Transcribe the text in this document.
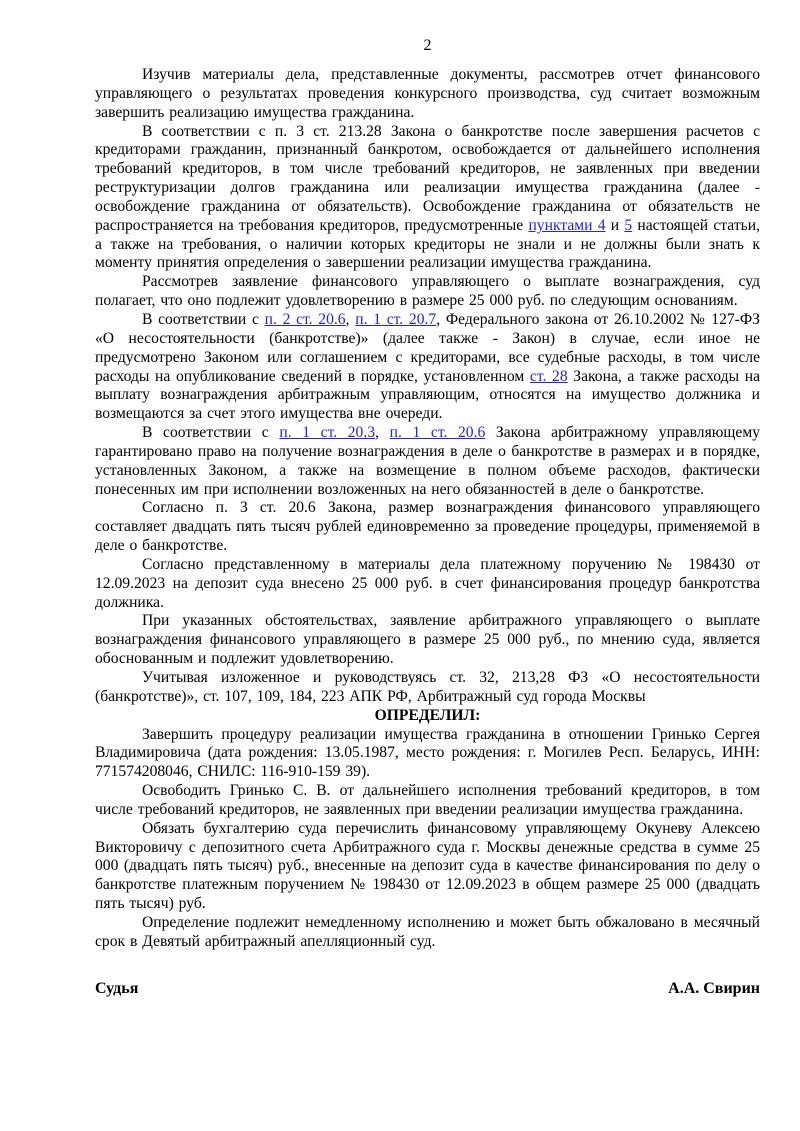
2

Изучив материалы дела, представленные документы, рассмотрев отчет финансового управляющего о результатах проведения конкурсного производства, суд считает возможным завершить реализацию имущества гражданина.

В соответствии с п. 3 ст. 213.28 Закона о банкротстве после завершения расчетов с кредиторами гражданин, признанный банкротом, освобождается от дальнейшего исполнения требований кредиторов, в том числе требований кредиторов, не заявленных при введении реструктуризации долгов гражданина или реализации имущества гражданина (далее - освобождение гражданина от обязательств). Освобождение гражданина от обязательств не распространяется на требования кредиторов, предусмотренные пунктами 4 и 5 настоящей статьи, а также на требования, о наличии которых кредиторы не знали и не должны были знать к моменту принятия определения о завершении реализации имущества гражданина.

Рассмотрев заявление финансового управляющего о выплате вознаграждения, суд полагает, что оно подлежит удовлетворению в размере 25 000 руб. по следующим основаниям.

В соответствии с п. 2 ст. 20.6, п. 1 ст. 20.7, Федерального закона от 26.10.2002 № 127-ФЗ «О несостоятельности (банкротстве)» (далее также - Закон) в случае, если иное не предусмотрено Законом или соглашением с кредиторами, все судебные расходы, в том числе расходы на опубликование сведений в порядке, установленном ст. 28 Закона, а также расходы на выплату вознаграждения арбитражным управляющим, относятся на имущество должника и возмещаются за счет этого имущества вне очереди.

В соответствии с п. 1 ст. 20.3, п. 1 ст. 20.6 Закона арбитражному управляющему гарантировано право на получение вознаграждения в деле о банкротстве в размерах и в порядке, установленных Законом, а также на возмещение в полном объеме расходов, фактически понесенных им при исполнении возложенных на него обязанностей в деле о банкротстве.

Согласно п. 3 ст. 20.6 Закона, размер вознаграждения финансового управляющего составляет двадцать пять тысяч рублей единовременно за проведение процедуры, применяемой в деле о банкротстве.

Согласно представленному в материалы дела платежному поручению № 198430 от 12.09.2023 на депозит суда внесено 25 000 руб. в счет финансирования процедур банкротства должника.

При указанных обстоятельствах, заявление арбитражного управляющего о выплате вознаграждения финансового управляющего в размере 25 000 руб., по мнению суда, является обоснованным и подлежит удовлетворению.

Учитывая изложенное и руководствуясь ст. 32, 213,28 ФЗ «О несостоятельности (банкротстве)», ст. 107, 109, 184, 223 АПК РФ, Арбитражный суд города Москвы

ОПРЕДЕЛИЛ:

Завершить процедуру реализации имущества гражданина в отношении Гринько Сергея Владимировича (дата рождения: 13.05.1987, место рождения: г. Могилев Респ. Беларусь, ИНН: 771574208046, СНИЛС: 116-910-159 39).

Освободить Гринько С. В. от дальнейшего исполнения требований кредиторов, в том числе требований кредиторов, не заявленных при введении реализации имущества гражданина.

Обязать бухгалтерию суда перечислить финансовому управляющему Окуневу Алексею Викторовичу с депозитного счета Арбитражного суда г. Москвы денежные средства в сумме 25 000 (двадцать пять тысяч) руб., внесенные на депозит суда в качестве финансирования по делу о банкротстве платежным поручением № 198430 от 12.09.2023 в общем размере 25 000 (двадцать пять тысяч) руб.

Определение подлежит немедленному исполнению и может быть обжаловано в месячный срок в Девятый арбитражный апелляционный суд.

Судья	А.А. Свирин
